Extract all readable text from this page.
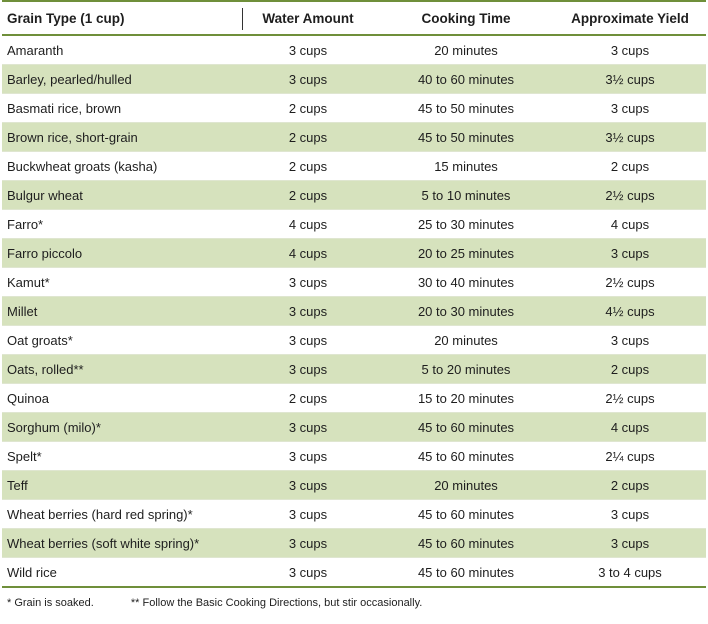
Grain Type (1 cup)	Water Amount	Cooking Time	Approximate Yield
Amaranth	3 cups	20 minutes	3 cups
Barley, pearled/hulled	3 cups	40 to 60 minutes	3½ cups
Basmati rice, brown	2 cups	45 to 50 minutes	3 cups
Brown rice, short-grain	2 cups	45 to 50 minutes	3½ cups
Buckwheat groats (kasha)	2 cups	15 minutes	2 cups
Bulgur wheat	2 cups	5 to 10 minutes	2½ cups
Farro*	4 cups	25 to 30 minutes	4 cups
Farro piccolo	4 cups	20 to 25 minutes	3 cups
Kamut*	3 cups	30 to 40 minutes	2½ cups
Millet	3 cups	20 to 30 minutes	4½ cups
Oat groats*	3 cups	20 minutes	3 cups
Oats, rolled**	3 cups	5 to 20 minutes	2 cups
Quinoa	2 cups	15 to 20 minutes	2½ cups
Sorghum (milo)*	3 cups	45 to 60 minutes	4 cups
Spelt*	3 cups	45 to 60 minutes	2¼ cups
Teff	3 cups	20 minutes	2 cups
Wheat berries (hard red spring)*	3 cups	45 to 60 minutes	3 cups
Wheat berries (soft white spring)*	3 cups	45 to 60 minutes	3 cups
Wild rice	3 cups	45 to 60 minutes	3 to 4 cups
* Grain is soaked.	** Follow the Basic Cooking Directions, but stir occasionally.
